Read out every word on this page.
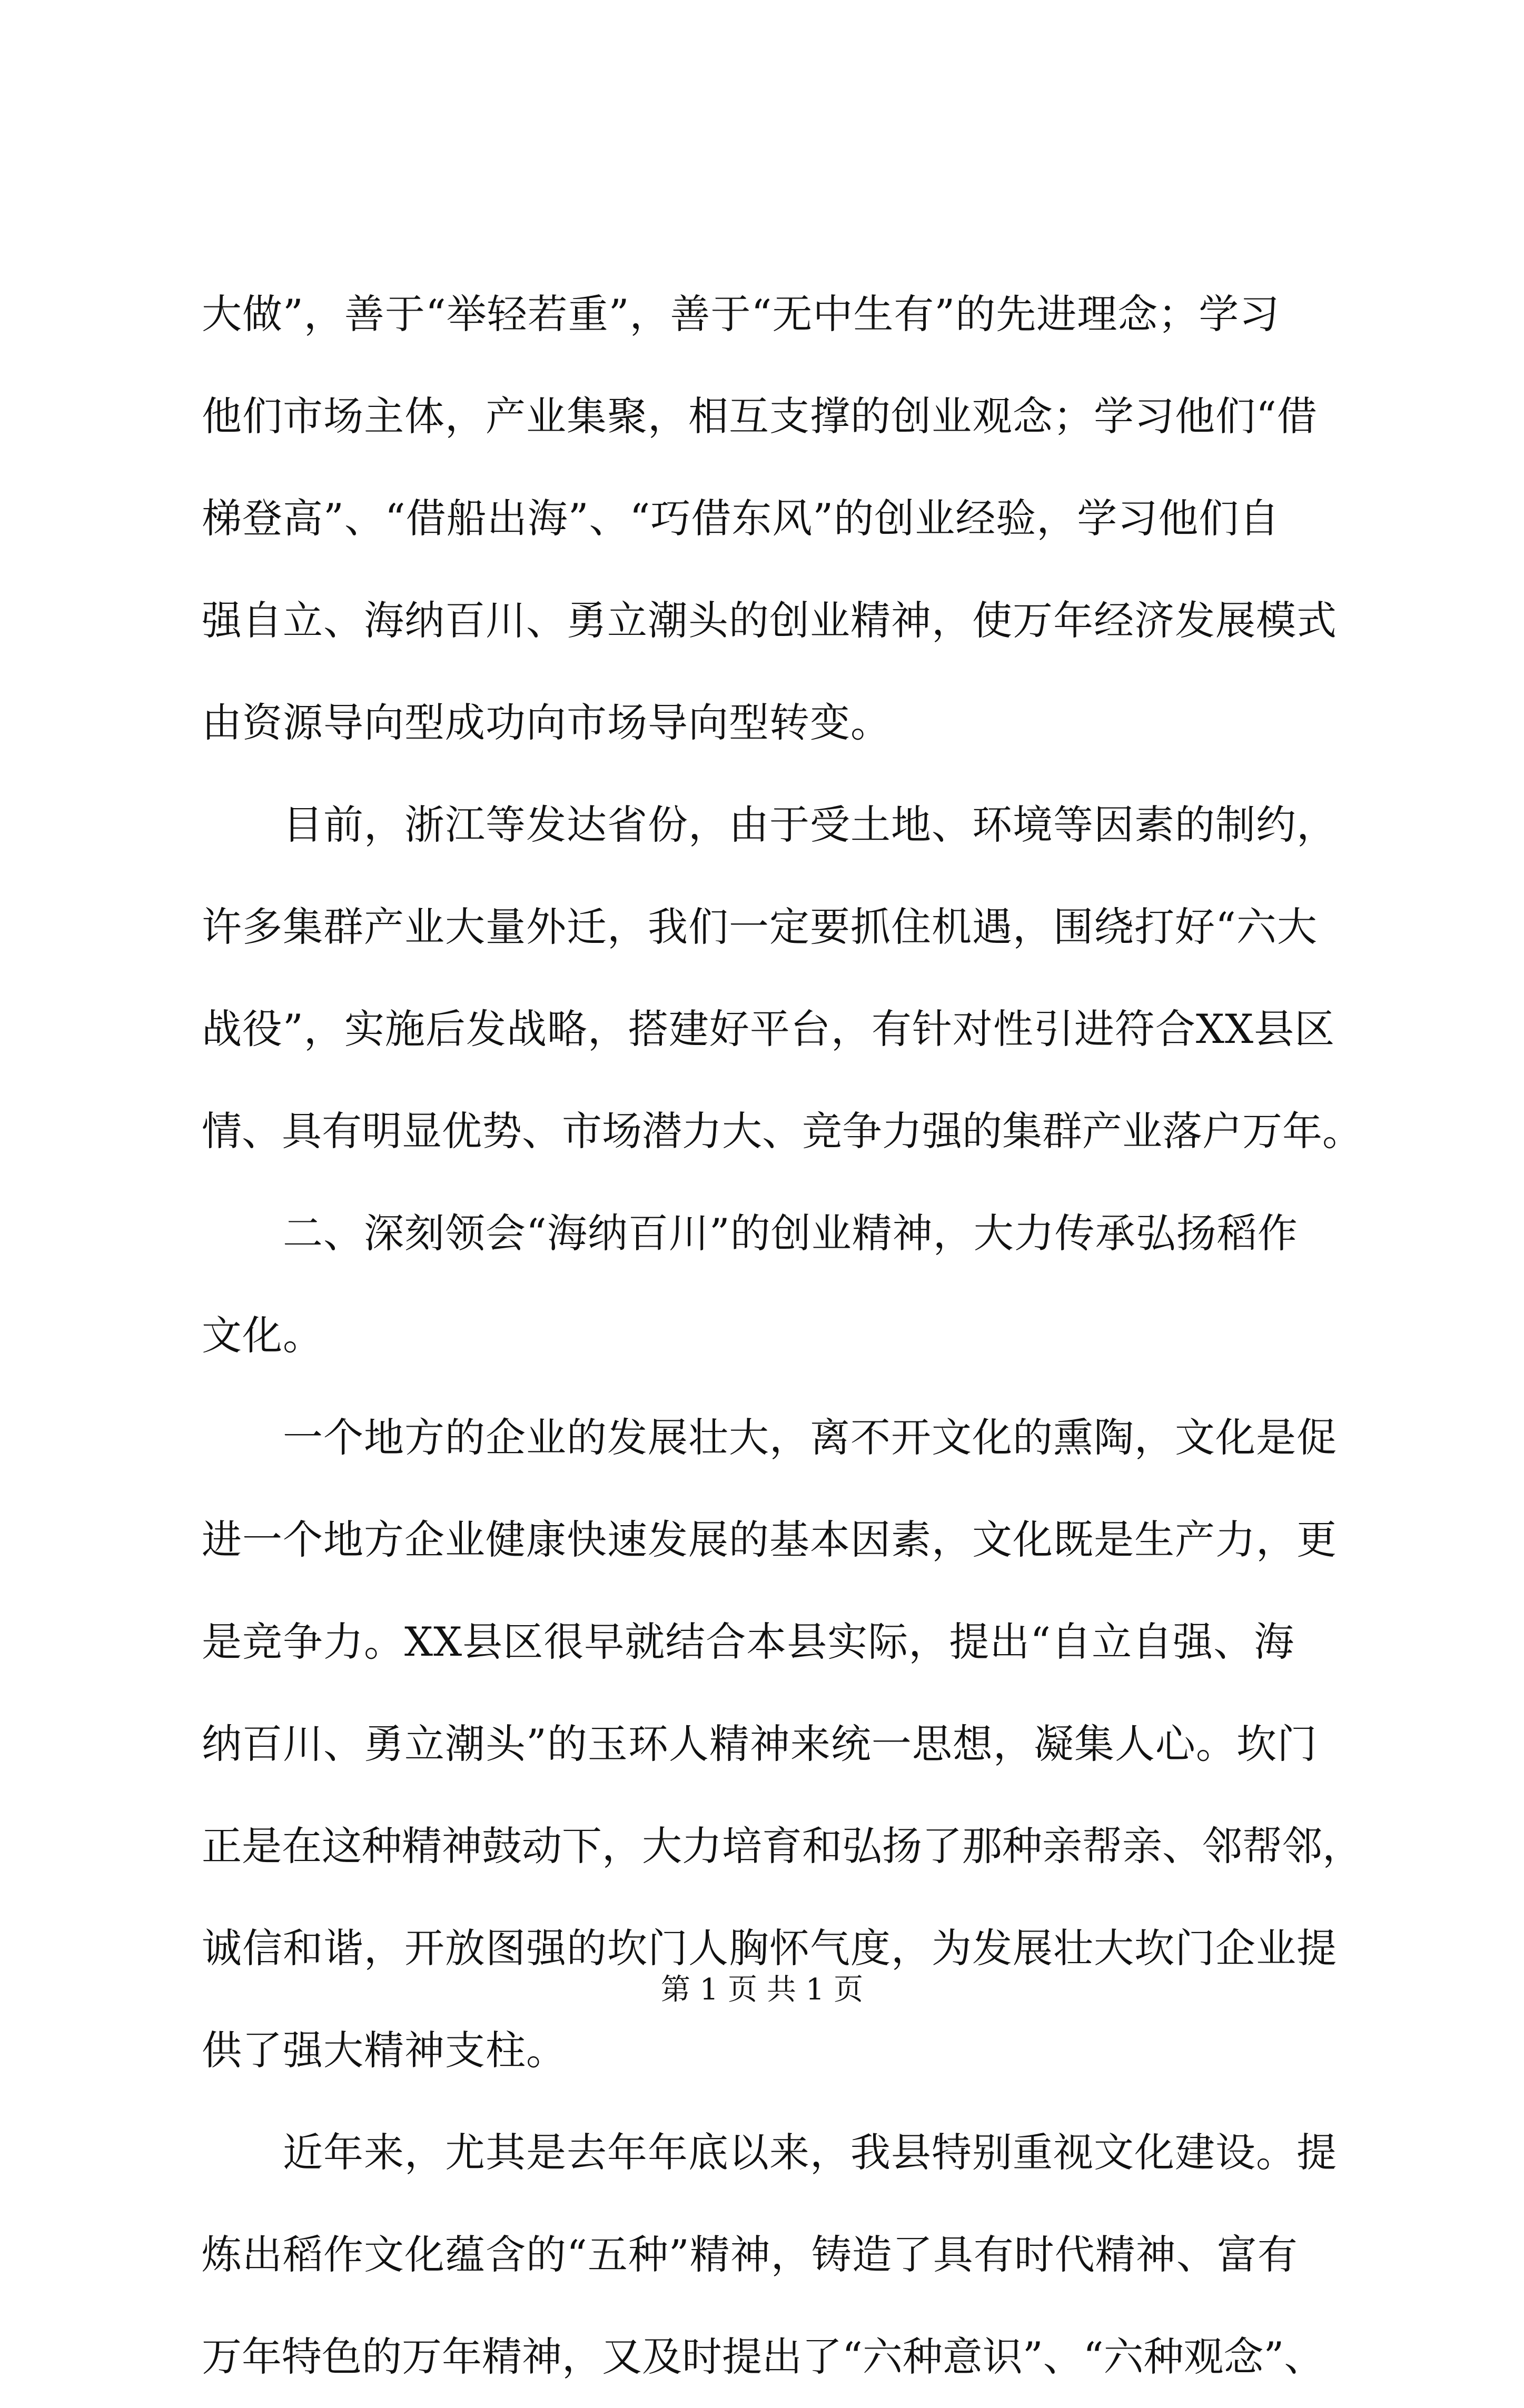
大做”，善于“举轻若重”，善于“无中生有”的先进理念；学习
他们市场主体，产业集聚，相互支撑的创业观念；学习他们“借
梯登高”、“借船出海”、“巧借东风”的创业经验，学习他们自
强自立、海纳百川、勇立潮头的创业精神，使万年经济发展模式
由资源导向型成功向市场导向型转变。
　　目前，浙江等发达省份，由于受土地、环境等因素的制约，
许多集群产业大量外迁，我们一定要抓住机遇，围绕打好“六大
战役”，实施后发战略，搭建好平台，有针对性引进符合XX县区
情、具有明显优势、市场潜力大、竞争力强的集群产业落户万年。
　　二、深刻领会“海纳百川”的创业精神，大力传承弘扬稻作
文化。
　　一个地方的企业的发展壮大，离不开文化的熏陶，文化是促
进一个地方企业健康快速发展的基本因素，文化既是生产力，更
是竞争力。XX县区很早就结合本县实际，提出“自立自强、海
纳百川、勇立潮头”的玉环人精神来统一思想，凝集人心。坎门
正是在这种精神鼓动下，大力培育和弘扬了那种亲帮亲、邻帮邻，
诚信和谐，开放图强的坎门人胸怀气度，为发展壮大坎门企业提
供了强大精神支柱。
　　近年来，尤其是去年年底以来，我县特别重视文化建设。提
炼出稻作文化蕴含的“五种”精神，铸造了具有时代精神、富有
万年特色的万年精神，又及时提出了“六种意识”、“六种观念”、
第 1 页 共 1 页
